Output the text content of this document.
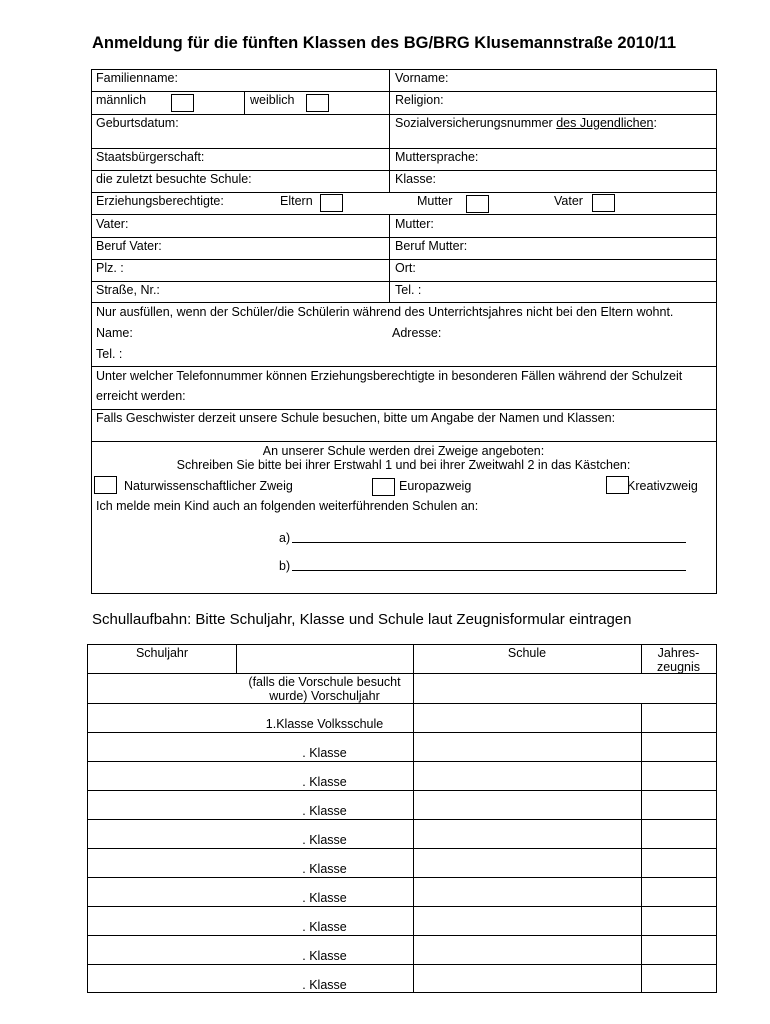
Anmeldung für die fünften Klassen des BG/BRG Klusemannstraße 2010/11
Familienname:	Vorname:
männlich	weiblich	Religion:
Geburtsdatum:	Sozialversicherungsnummer des Jugendlichen:
Staatsbürgerschaft:	Muttersprache:
die zuletzt besuchte Schule:	Klasse:
Erziehungsberechtigte:	Eltern	Mutter	Vater
Vater:	Mutter:
Beruf Vater:	Beruf Mutter:
Plz. :	Ort:
Straße, Nr.:	Tel. :
Nur ausfüllen, wenn der Schüler/die Schülerin während des Unterrichtsjahres nicht bei den Eltern wohnt.
Name:	Adresse:
Tel. :
Unter welcher Telefonnummer können Erziehungsberechtigte in besonderen Fällen während der Schulzeit
erreicht werden:
Falls Geschwister derzeit unsere Schule besuchen, bitte um Angabe der Namen und Klassen:
An unserer Schule werden drei Zweige angeboten:
Schreiben Sie bitte bei ihrer Erstwahl 1 und bei ihrer Zweitwahl 2 in das Kästchen:
Naturwissenschaftlicher Zweig	Europazweig	Kreativzweig
Ich melde mein Kind auch an folgenden weiterführenden Schulen an:
a)
b)
Schullaufbahn: Bitte Schuljahr, Klasse und Schule laut Zeugnisformular eintragen
Schuljahr	Schule	Jahres-
zeugnis
(falls die Vorschule besucht
wurde) Vorschuljahr
1.Klasse Volksschule
. Klasse
. Klasse
. Klasse
. Klasse
. Klasse
. Klasse
. Klasse
. Klasse
. Klasse
